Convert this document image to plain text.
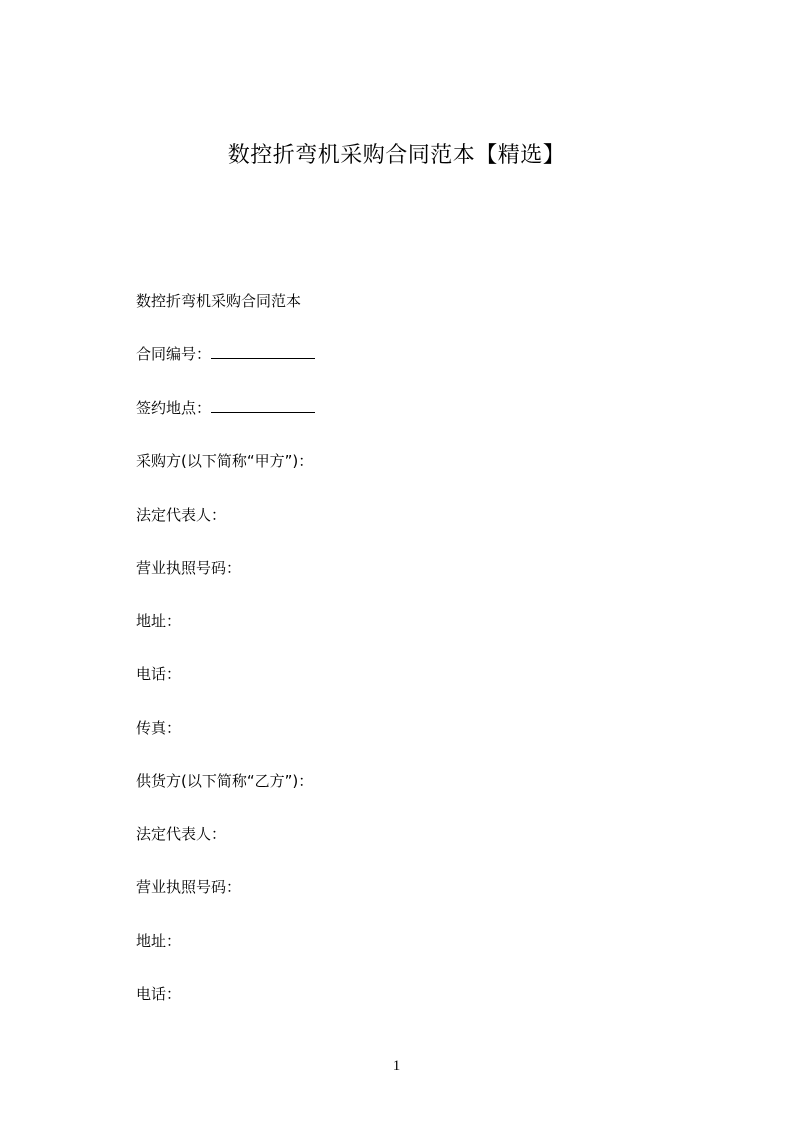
数控折弯机采购合同范本【精选】
数控折弯机采购合同范本
合同编号：
签约地点：
采购方(以下简称“甲方”)：
法定代表人：
营业执照号码：
地址：
电话：
传真：
供货方(以下简称“乙方”)：
法定代表人：
营业执照号码：
地址：
电话：
1
